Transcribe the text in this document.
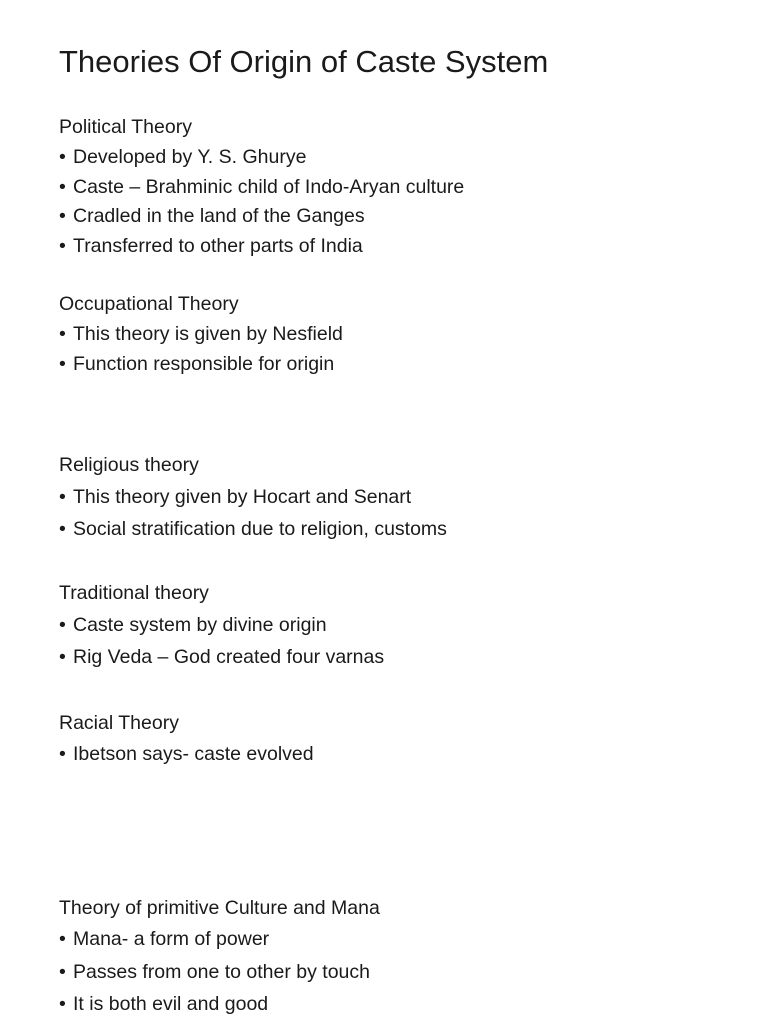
Theories Of Origin of Caste System
Political Theory
• Developed by Y. S. Ghurye
• Caste – Brahminic child of Indo-Aryan culture
• Cradled in the land of the Ganges
• Transferred to other parts of India
Occupational Theory
• This theory is given by Nesfield
• Function responsible for origin
Religious theory
• This theory given by Hocart and Senart
• Social stratification due to religion, customs
Traditional theory
• Caste system by divine origin
• Rig Veda – God created four varnas
Racial Theory
• Ibetson says- caste evolved
Theory of primitive Culture and Mana
• Mana- a form of power
• Passes from one to other by touch
• It is both evil and good
